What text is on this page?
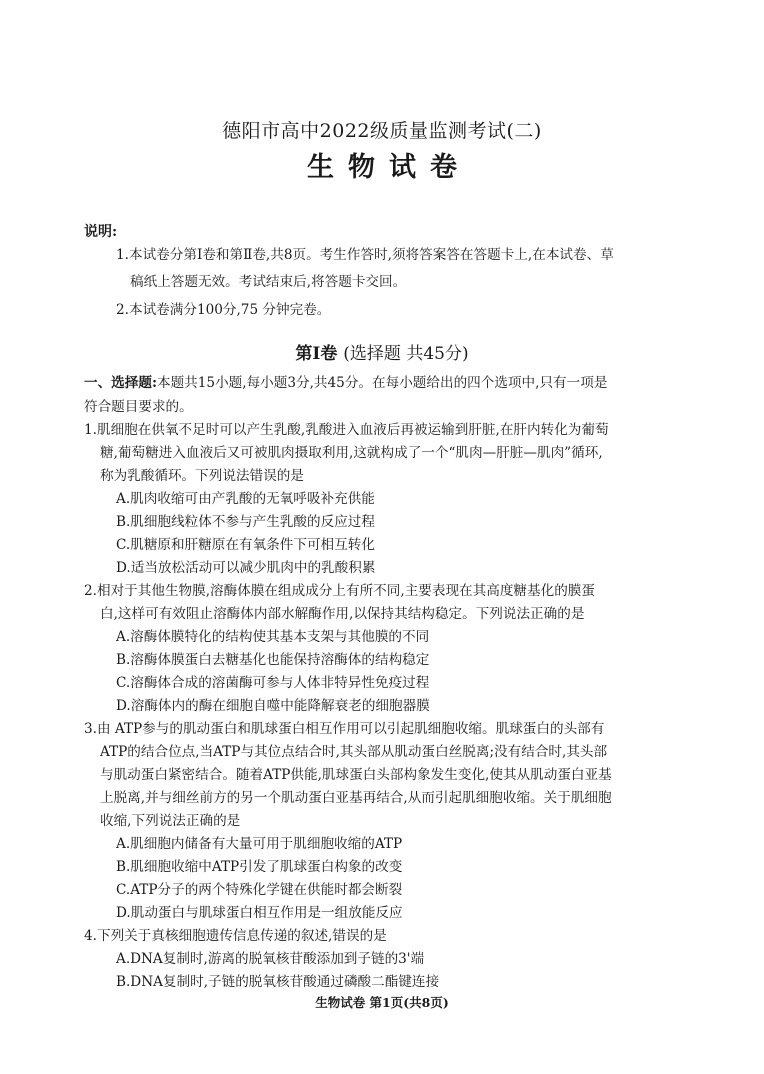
德阳市高中2022级质量监测考试(二)
生物试卷
说明:
1.本试卷分第Ⅰ卷和第Ⅱ卷,共8页。考生作答时,须将答案答在答题卡上,在本试卷、草
稿纸上答题无效。考试结束后,将答题卡交回。
2.本试卷满分100分,75 分钟完卷。
第Ⅰ卷 (选择题 共45分)
一、选择题:本题共15小题,每小题3分,共45分。在每小题给出的四个选项中,只有一项是
符合题目要求的。
1.肌细胞在供氧不足时可以产生乳酸,乳酸进入血液后再被运输到肝脏,在肝内转化为葡萄
糖,葡萄糖进入血液后又可被肌肉摄取利用,这就构成了一个“肌肉—肝脏—肌肉”循环,
称为乳酸循环。下列说法错误的是
A.肌肉收缩可由产乳酸的无氧呼吸补充供能
B.肌细胞线粒体不参与产生乳酸的反应过程
C.肌糖原和肝糖原在有氧条件下可相互转化
D.适当放松活动可以减少肌肉中的乳酸积累
2.相对于其他生物膜,溶酶体膜在组成成分上有所不同,主要表现在其高度糖基化的膜蛋
白,这样可有效阻止溶酶体内部水解酶作用,以保持其结构稳定。下列说法正确的是
A.溶酶体膜特化的结构使其基本支架与其他膜的不同
B.溶酶体膜蛋白去糖基化也能保持溶酶体的结构稳定
C.溶酶体合成的溶菌酶可参与人体非特异性免疫过程
D.溶酶体内的酶在细胞自噬中能降解衰老的细胞器膜
3.由 ATP参与的肌动蛋白和肌球蛋白相互作用可以引起肌细胞收缩。肌球蛋白的头部有
ATP的结合位点,当ATP与其位点结合时,其头部从肌动蛋白丝脱离;没有结合时,其头部
与肌动蛋白紧密结合。随着ATP供能,肌球蛋白头部构象发生变化,使其从肌动蛋白亚基
上脱离,并与细丝前方的另一个肌动蛋白亚基再结合,从而引起肌细胞收缩。关于肌细胞
收缩,下列说法正确的是
A.肌细胞内储备有大量可用于肌细胞收缩的ATP
B.肌细胞收缩中ATP引发了肌球蛋白构象的改变
C.ATP分子的两个特殊化学键在供能时都会断裂
D.肌动蛋白与肌球蛋白相互作用是一组放能反应
4.下列关于真核细胞遗传信息传递的叙述,错误的是
A.DNA复制时,游离的脱氧核苷酸添加到子链的3'端
B.DNA复制时,子链的脱氧核苷酸通过磷酸二酯键连接
生物试卷 第1页(共8页)
